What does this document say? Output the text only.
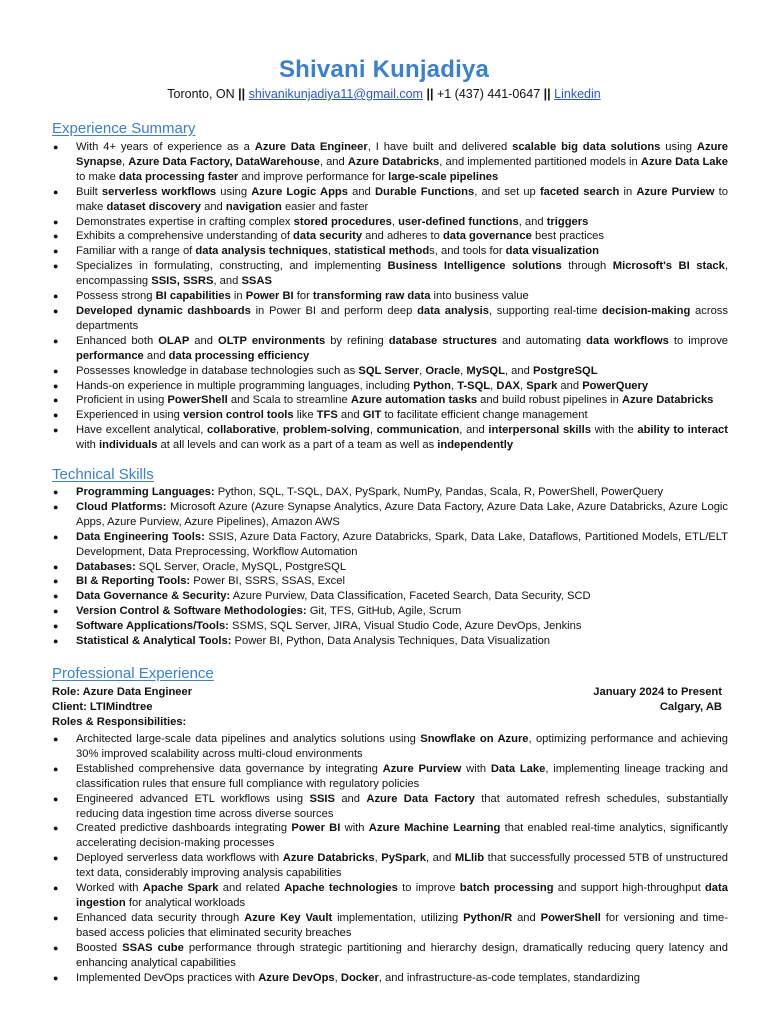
Shivani Kunjadiya
Toronto, ON || shivanikunjadiya11@gmail.com || +1 (437) 441-0647 || Linkedin
Experience Summary
● With 4+ years of experience as a Azure Data Engineer, I have built and delivered scalable big data solutions using Azure Synapse, Azure Data Factory, DataWarehouse, and Azure Databricks, and implemented partitioned models in Azure Data Lake to make data processing faster and improve performance for large-scale pipelines
● Built serverless workflows using Azure Logic Apps and Durable Functions, and set up faceted search in Azure Purview to make dataset discovery and navigation easier and faster
● Demonstrates expertise in crafting complex stored procedures, user-defined functions, and triggers
● Exhibits a comprehensive understanding of data security and adheres to data governance best practices
● Familiar with a range of data analysis techniques, statistical methods, and tools for data visualization
● Specializes in formulating, constructing, and implementing Business Intelligence solutions through Microsoft's BI stack, encompassing SSIS, SSRS, and SSAS
● Possess strong BI capabilities in Power BI for transforming raw data into business value
● Developed dynamic dashboards in Power BI and perform deep data analysis, supporting real-time decision-making across departments
● Enhanced both OLAP and OLTP environments by refining database structures and automating data workflows to improve performance and data processing efficiency
● Possesses knowledge in database technologies such as SQL Server, Oracle, MySQL, and PostgreSQL
● Hands-on experience in multiple programming languages, including Python, T-SQL, DAX, Spark and PowerQuery
● Proficient in using PowerShell and Scala to streamline Azure automation tasks and build robust pipelines in Azure Databricks
● Experienced in using version control tools like TFS and GIT to facilitate efficient change management
● Have excellent analytical, collaborative, problem-solving, communication, and interpersonal skills with the ability to interact with individuals at all levels and can work as a part of a team as well as independently
Technical Skills
● Programming Languages: Python, SQL, T-SQL, DAX, PySpark, NumPy, Pandas, Scala, R, PowerShell, PowerQuery
● Cloud Platforms: Microsoft Azure (Azure Synapse Analytics, Azure Data Factory, Azure Data Lake, Azure Databricks, Azure Logic Apps, Azure Purview, Azure Pipelines), Amazon AWS
● Data Engineering Tools: SSIS, Azure Data Factory, Azure Databricks, Spark, Data Lake, Dataflows, Partitioned Models, ETL/ELT Development, Data Preprocessing, Workflow Automation
● Databases: SQL Server, Oracle, MySQL, PostgreSQL
● BI & Reporting Tools: Power BI, SSRS, SSAS, Excel
● Data Governance & Security: Azure Purview, Data Classification, Faceted Search, Data Security, SCD
● Version Control & Software Methodologies: Git, TFS, GitHub, Agile, Scrum
● Software Applications/Tools: SSMS, SQL Server, JIRA, Visual Studio Code, Azure DevOps, Jenkins
● Statistical & Analytical Tools: Power BI, Python, Data Analysis Techniques, Data Visualization
Professional Experience
Role: Azure Data Engineer	January 2024 to Present
Client: LTIMindtree	Calgary, AB
Roles & Responsibilities:
● Architected large-scale data pipelines and analytics solutions using Snowflake on Azure, optimizing performance and achieving 30% improved scalability across multi-cloud environments
● Established comprehensive data governance by integrating Azure Purview with Data Lake, implementing lineage tracking and classification rules that ensure full compliance with regulatory policies
● Engineered advanced ETL workflows using SSIS and Azure Data Factory that automated refresh schedules, substantially reducing data ingestion time across diverse sources
● Created predictive dashboards integrating Power BI with Azure Machine Learning that enabled real-time analytics, significantly accelerating decision-making processes
● Deployed serverless data workflows with Azure Databricks, PySpark, and MLlib that successfully processed 5TB of unstructured text data, considerably improving analysis capabilities
● Worked with Apache Spark and related Apache technologies to improve batch processing and support high-throughput data ingestion for analytical workloads
● Enhanced data security through Azure Key Vault implementation, utilizing Python/R and PowerShell for versioning and time-based access policies that eliminated security breaches
● Boosted SSAS cube performance through strategic partitioning and hierarchy design, dramatically reducing query latency and enhancing analytical capabilities
● Implemented DevOps practices with Azure DevOps, Docker, and infrastructure-as-code templates, standardizing
